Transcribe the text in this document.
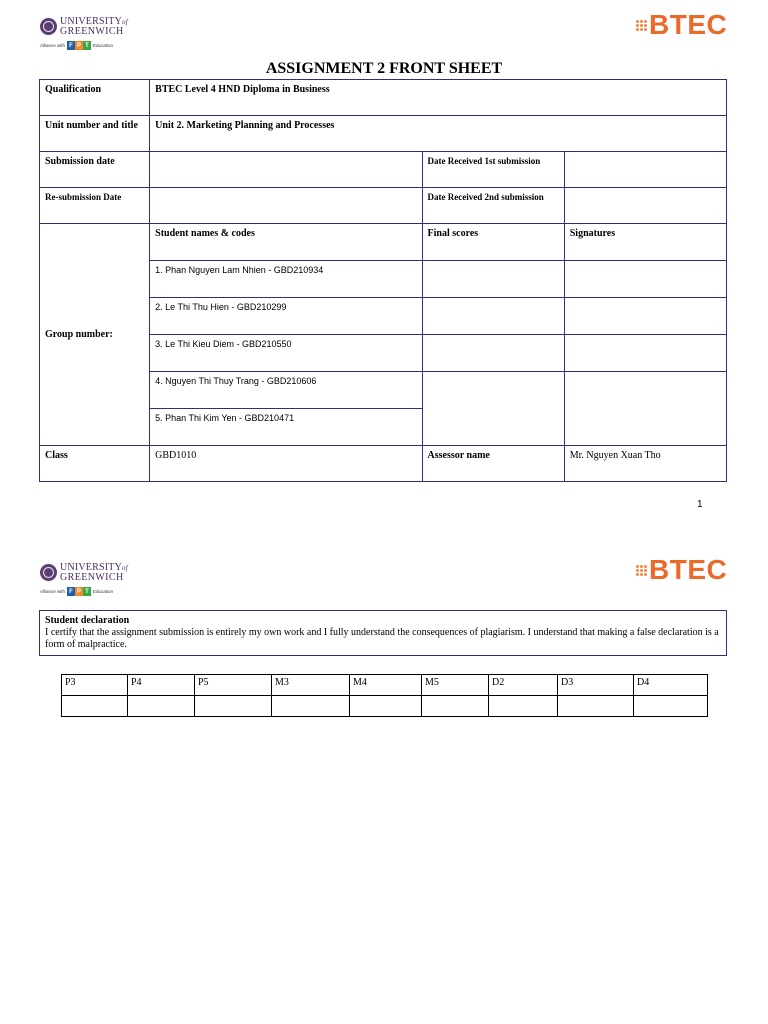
UNIVERSITYof
GREENWICH
Alliance with F P T Education
BTEC
ASSIGNMENT 2 FRONT SHEET
Qualification	BTEC Level 4 HND Diploma in Business		
Unit number and title	Unit 2. Marketing Planning and Processes		
Submission date		Date Received 1st submission	
Re-submission Date		Date Received 2nd submission	
Group number:	Student names & codes	Final scores	Signatures
	1. Phan Nguyen Lam Nhien - GBD210934		
	2. Le Thi Thu Hien - GBD210299		
	3. Le Thi Kieu Diem - GBD210550		
	4. Nguyen Thi Thuy Trang - GBD210606		
	5. Phan Thi Kim Yen - GBD210471		
Class	GBD1010	Assessor name	Mr. Nguyen Xuan Tho
1
UNIVERSITYof
GREENWICH
Alliance with F P T Education
BTEC
Student declaration
I certify that the assignment submission is entirely my own work and I fully understand the consequences of plagiarism. I understand that making a false declaration is a form of malpractice.
P3	P4	P5	M3	M4	M5	D2	D3	D4
